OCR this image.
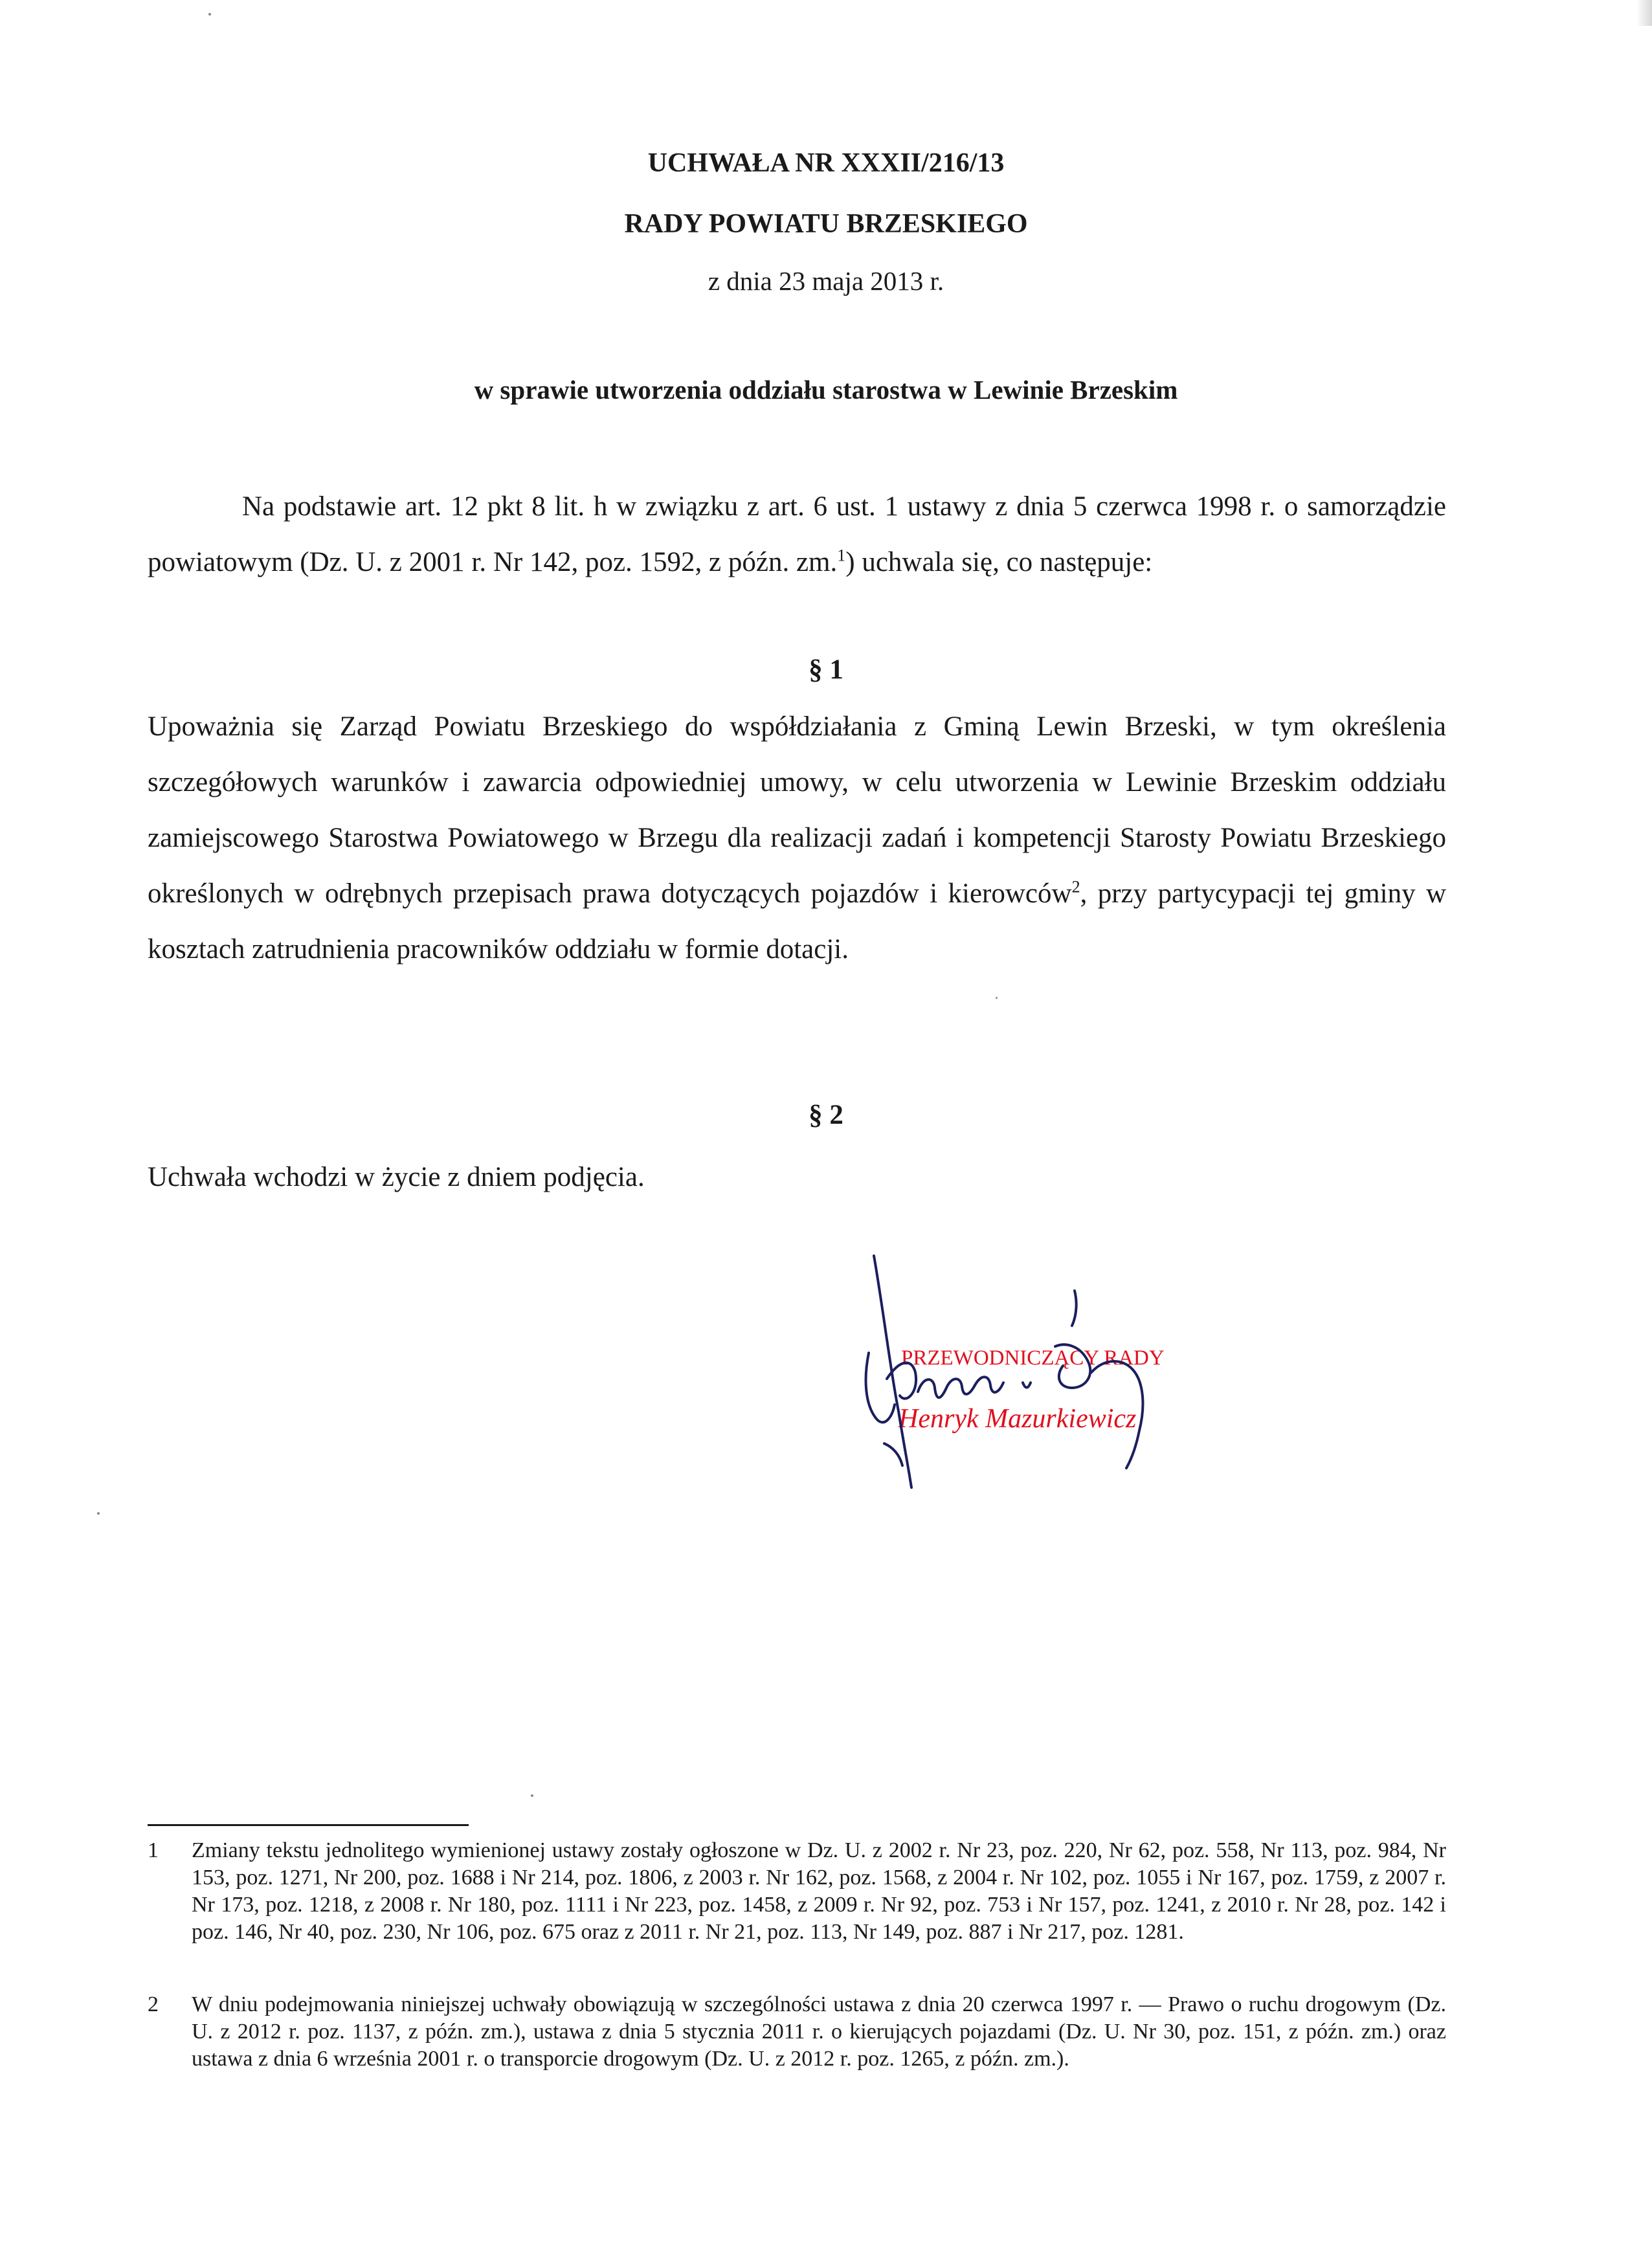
UCHWAŁA NR XXXII/216/13
RADY POWIATU BRZESKIEGO
z dnia 23 maja 2013 r.
w sprawie utworzenia oddziału starostwa w Lewinie Brzeskim
Na podstawie art. 12 pkt 8 lit. h w związku z art. 6 ust. 1 ustawy z dnia 5 czerwca 1998 r. o samorządzie powiatowym (Dz. U. z 2001 r. Nr 142, poz. 1592, z późn. zm.$^1$) uchwala się, co następuje:
§ 1
Upoważnia się Zarząd Powiatu Brzeskiego do współdziałania z Gminą Lewin Brzeski, w tym określenia szczegółowych warunków i zawarcia odpowiedniej umowy, w celu utworzenia w Lewinie Brzeskim oddziału zamiejscowego Starostwa Powiatowego w Brzegu dla realizacji zadań i kompetencji Starosty Powiatu Brzeskiego określonych w odrębnych przepisach prawa dotyczących pojazdów i kierowców$^2$, przy partycypacji tej gminy w kosztach zatrudnienia pracowników oddziału w formie dotacji.
§ 2
Uchwała wchodzi w życie z dniem podjęcia.
PRZEWODNICZĄCY RADY
Henryk Mazurkiewicz
1	Zmiany tekstu jednolitego wymienionej ustawy zostały ogłoszone w Dz. U. z 2002 r. Nr 23, poz. 220, Nr 62, poz. 558, Nr 113, poz. 984, Nr 153, poz. 1271, Nr 200, poz. 1688 i Nr 214, poz. 1806, z 2003 r. Nr 162, poz. 1568, z 2004 r. Nr 102, poz. 1055 i Nr 167, poz. 1759, z 2007 r. Nr 173, poz. 1218, z 2008 r. Nr 180, poz. 1111 i Nr 223, poz. 1458, z 2009 r. Nr 92, poz. 753 i Nr 157, poz. 1241, z 2010 r. Nr 28, poz. 142 i poz. 146, Nr 40, poz. 230, Nr 106, poz. 675 oraz z 2011 r. Nr 21, poz. 113, Nr 149, poz. 887 i Nr 217, poz. 1281.
2	W dniu podejmowania niniejszej uchwały obowiązują w szczególności ustawa z dnia 20 czerwca 1997 r. — Prawo o ruchu drogowym (Dz. U. z 2012 r. poz. 1137, z późn. zm.), ustawa z dnia 5 stycznia 2011 r. o kierujących pojazdami (Dz. U. Nr 30, poz. 151, z późn. zm.) oraz ustawa z dnia 6 września 2001 r. o transporcie drogowym (Dz. U. z 2012 r. poz. 1265, z późn. zm.).
